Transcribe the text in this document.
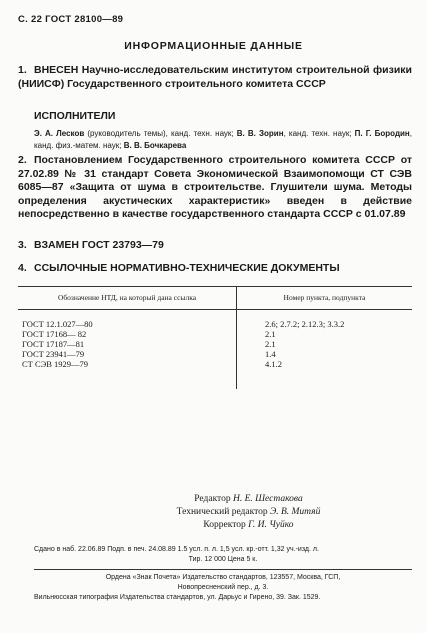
С. 22 ГОСТ 28100—89
ИНФОРМАЦИОННЫЕ ДАННЫЕ
1. ВНЕСЕН Научно-исследовательским институтом строительной физики (НИИСФ) Государственного строительного комитета СССР
ИСПОЛНИТЕЛИ
Э. А. Лесков (руководитель темы), канд. техн. наук; В. В. Зорин, канд. техн. наук; П. Г. Бородин, канд. физ.-матем. наук; В. В. Бочкарева
2. Постановлением Государственного строительного комитета СССР от 27.02.89 № 31 стандарт Совета Экономической Взаимопомощи СТ СЭВ 6085—87 «Защита от шума в строительстве. Глушители шума. Методы определения акустических характеристик» введен в действие непосредственно в качестве государственного стандарта СССР с 01.07.89
3. ВЗАМЕН ГОСТ 23793—79
4. ССЫЛОЧНЫЕ НОРМАТИВНО-ТЕХНИЧЕСКИЕ ДОКУМЕНТЫ
Обозначение НТД, на который дана ссылка	Номер пункта, подпункта
ГОСТ 12.1.027—80	2.6; 2.7.2; 2.12.3; 3.3.2
ГОСТ 17168— 82	2.1
ГОСТ 17187—81	2.1
ГОСТ 23941—79	1.4
СТ СЭВ 1929—79	4.1.2
Редактор Н. Е. Шестакова
Технический редактор Э. В. Митяй
Корректор Г. И. Чуйко
Сдано в наб. 22.06.89 Подп. в печ. 24.08.89 1.5 усл. п. л. 1,5 усл. кр.-отт. 1,32 уч.-изд. л.
Тир. 12 000 Цена 5 к.
Ордена «Знак Почета» Издательство стандартов, 123557, Москва, ГСП,
Новопресненский пер., д. 3.
Вильнюсская типография Издательства стандартов, ул. Дарьус и Гирено, 39. Зак. 1529.
